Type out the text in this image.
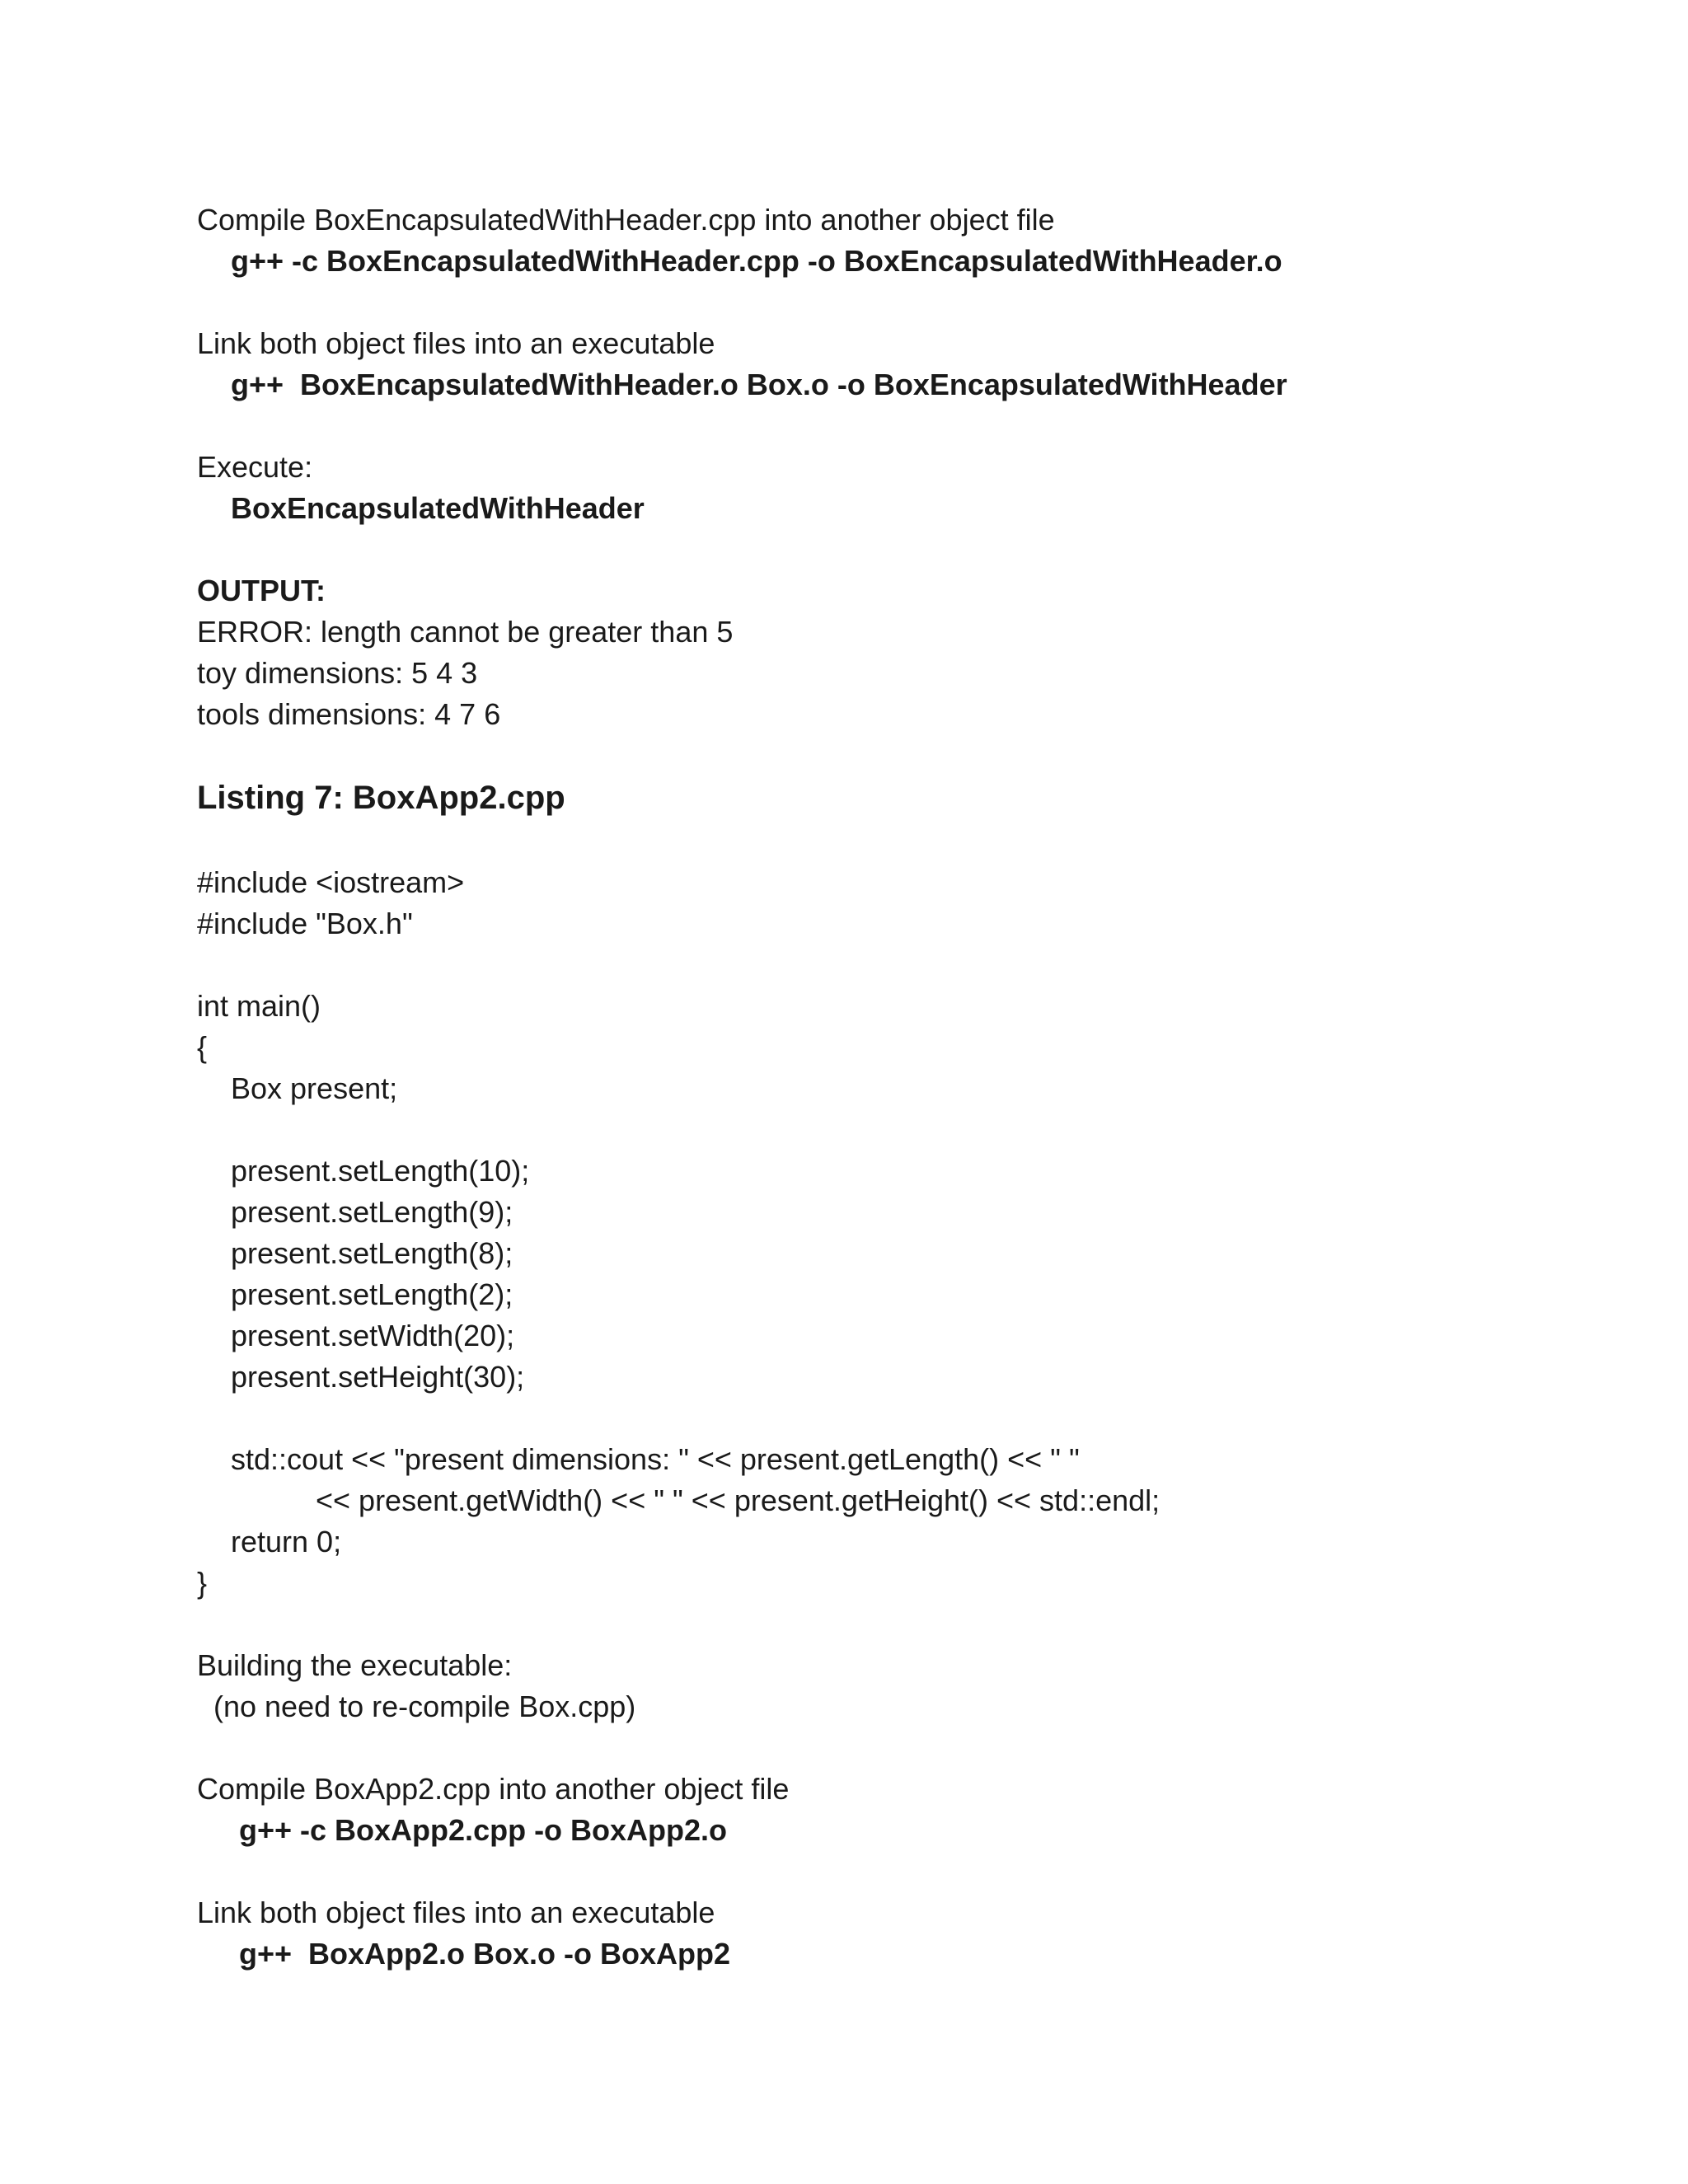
Compile BoxEncapsulatedWithHeader.cpp into another object file
g++ -c BoxEncapsulatedWithHeader.cpp -o BoxEncapsulatedWithHeader.o
Link both object files into an executable
g++  BoxEncapsulatedWithHeader.o Box.o -o BoxEncapsulatedWithHeader
Execute:
BoxEncapsulatedWithHeader
OUTPUT:
ERROR: length cannot be greater than 5
toy dimensions: 5 4 3
tools dimensions: 4 7 6
Listing 7: BoxApp2.cpp
#include <iostream>
#include "Box.h"
int main()
{
Box present;
present.setLength(10);
present.setLength(9);
present.setLength(8);
present.setLength(2);
present.setWidth(20);
present.setHeight(30);
std::cout << "present dimensions: " << present.getLength() << " "
<< present.getWidth() << " " << present.getHeight() << std::endl;
return 0;
}
Building the executable:
(no need to re-compile Box.cpp)
Compile BoxApp2.cpp into another object file
g++ -c BoxApp2.cpp -o BoxApp2.o
Link both object files into an executable
g++  BoxApp2.o Box.o -o BoxApp2
